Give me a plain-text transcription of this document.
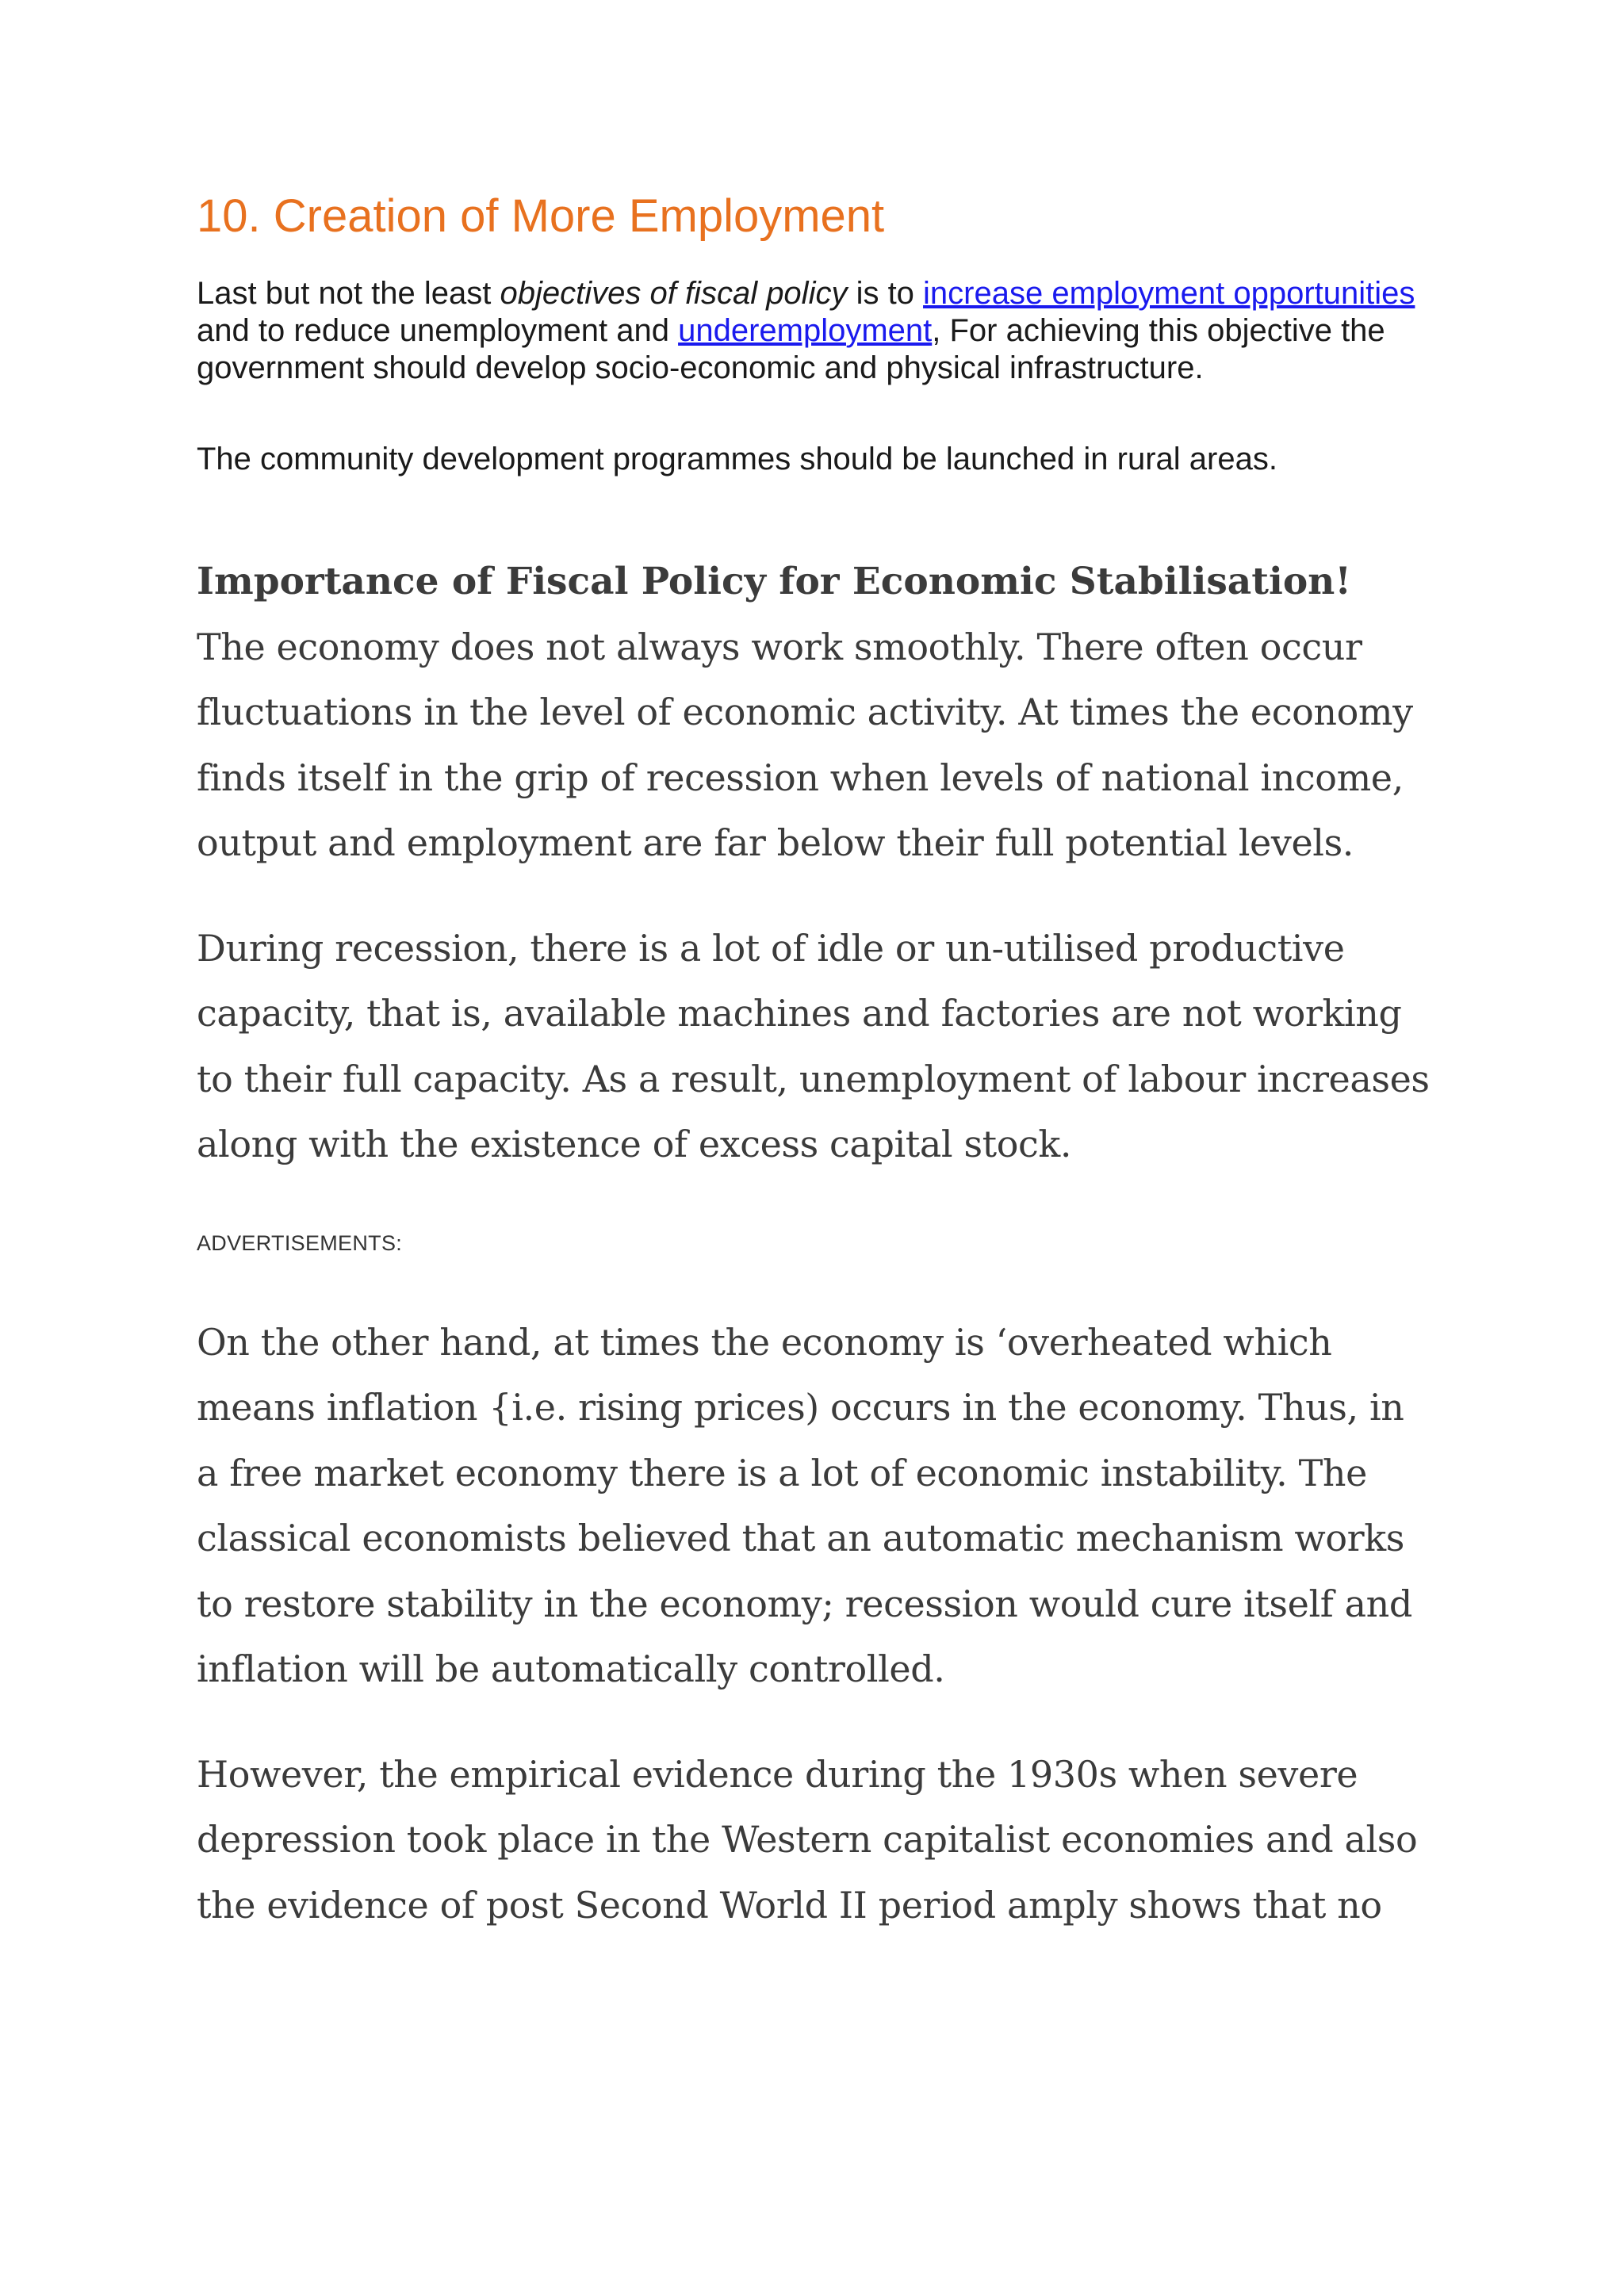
10. Creation of More Employment

Last but not the least objectives of fiscal policy is to increase employment opportunities and to reduce unemployment and underemployment, For achieving this objective the government should develop socio-economic and physical infrastructure.

The community development programmes should be launched in rural areas.

Importance of Fiscal Policy for Economic Stabilisation!

The economy does not always work smoothly. There often occur fluctuations in the level of economic activity. At times the economy finds itself in the grip of recession when levels of national income, output and employment are far below their full potential levels.

During recession, there is a lot of idle or un-utilised productive capacity, that is, available machines and factories are not working to their full capacity. As a result, unemployment of labour increases along with the existence of excess capital stock.

ADVERTISEMENTS:

On the other hand, at times the economy is ‘overheated which means inflation {i.e. rising prices) occurs in the economy. Thus, in a free market economy there is a lot of economic instability. The classical economists believed that an automatic mechanism works to restore stability in the economy; recession would cure itself and inflation will be automatically controlled.

However, the empirical evidence during the 1930s when severe depression took place in the Western capitalist economies and also the evidence of post Second World II period amply shows that no
